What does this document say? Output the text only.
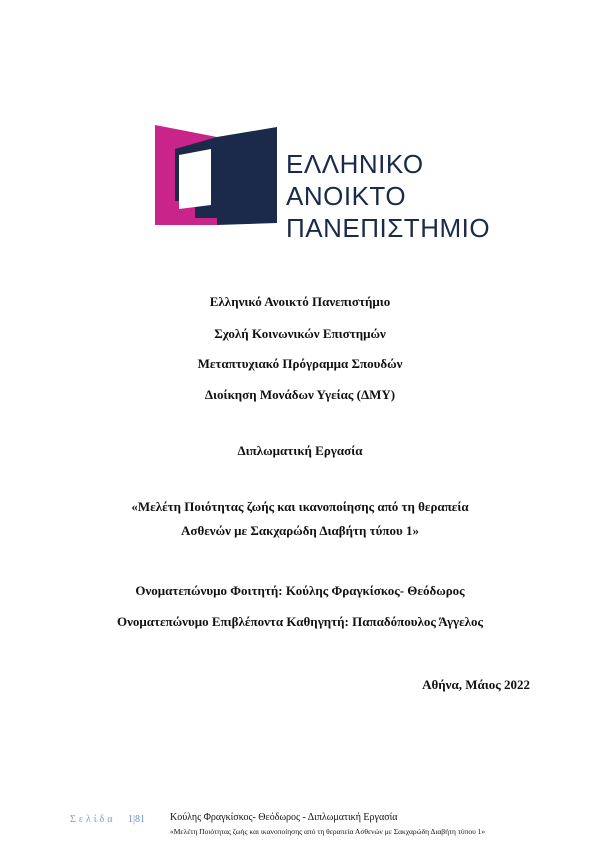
ΕΛΛΗΝΙΚΟ
ΑΝΟΙΚΤΟ
ΠΑΝΕΠΙΣΤΗΜΙΟ
Ελληνικό Ανοικτό Πανεπιστήμιο
Σχολή Κοινωνικών Επιστημών
Μεταπτυχιακό Πρόγραμμα Σπουδών
Διοίκηση Μονάδων Υγείας (ΔΜΥ)
Διπλωματική Εργασία
«Μελέτη Ποιότητας ζωής και ικανοποίησης από τη θεραπεία
Ασθενών με Σακχαρώδη Διαβήτη τύπου 1»
Ονοματεπώνυμο Φοιτητή: Κούλης Φραγκίσκος- Θεόδωρος
Ονοματεπώνυμο Επιβλέποντα Καθηγητή: Παπαδόπουλος Άγγελος
Αθήνα, Μάιος 2022
Σελίδα 1|81 Κούλης Φραγκίσκος- Θεόδωρος - Διπλωματική Εργασία
«Μελέτη Ποιότητας ζωής και ικανοποίησης από τη θεραπεία Ασθενών με Σακχαρώδη Διαβήτη τύπου 1»
